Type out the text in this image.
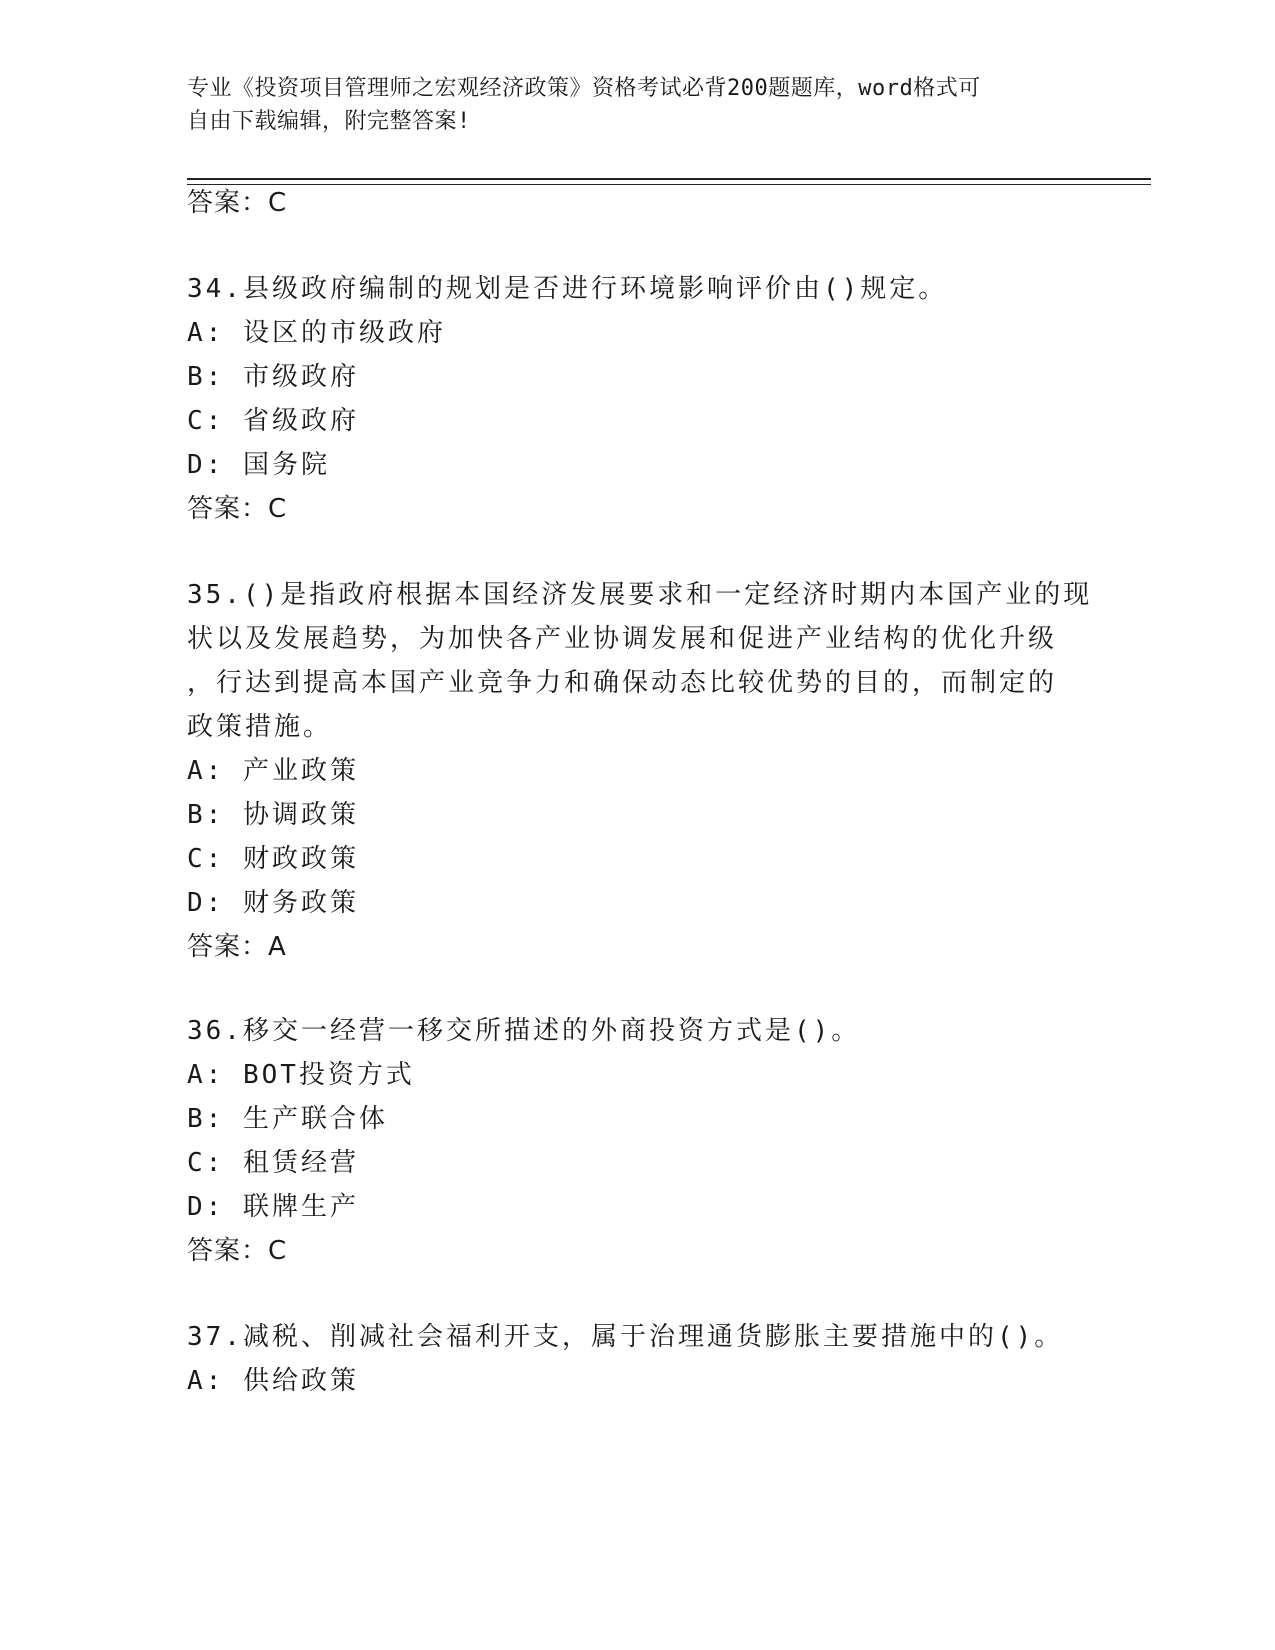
专业《投资项目管理师之宏观经济政策》资格考试必背200题题库，word格式可
自由下载编辑，附完整答案!
答案：C
34.县级政府编制的规划是否进行环境影响评价由()规定。
A: 设区的市级政府
B: 市级政府
C: 省级政府
D: 国务院
答案：C
35.()是指政府根据本国经济发展要求和一定经济时期内本国产业的现
状以及发展趋势，为加快各产业协调发展和促进产业结构的优化升级
，行达到提高本国产业竞争力和确保动态比较优势的目的，而制定的
政策措施。
A: 产业政策
B: 协调政策
C: 财政政策
D: 财务政策
答案：A
36.移交一经营一移交所描述的外商投资方式是()。
A: BOT投资方式
B: 生产联合体
C: 租赁经营
D: 联牌生产
答案：C
37.减税、削减社会福利开支，属于治理通货膨胀主要措施中的()。
A: 供给政策
